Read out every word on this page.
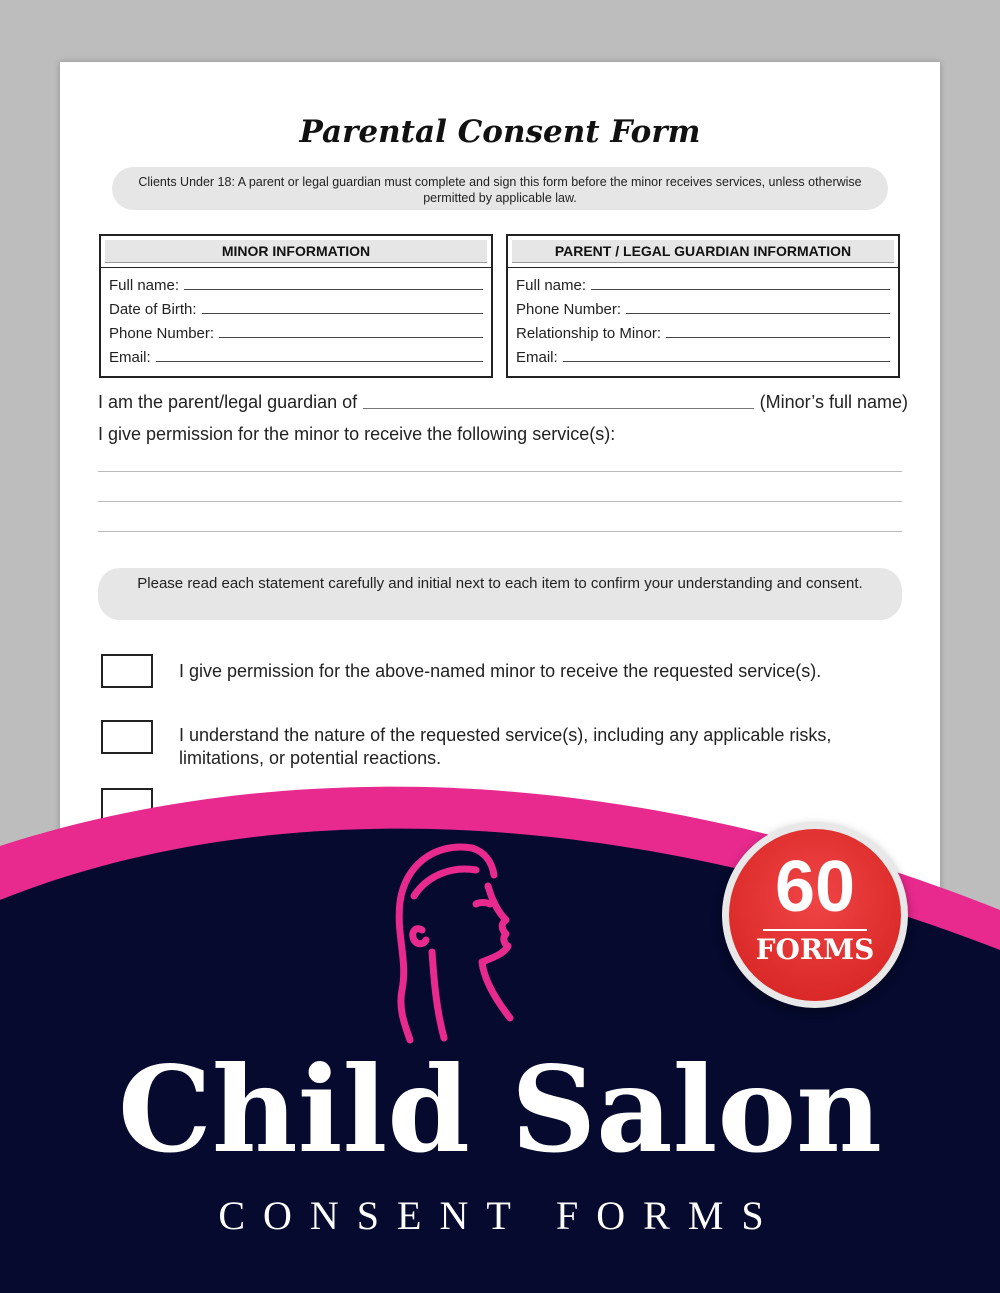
Parental Consent Form
Clients Under 18: A parent or legal guardian must complete and sign this form before the minor receives services, unless otherwise permitted by applicable law.
MINOR INFORMATION
Full name:
Date of Birth:
Phone Number:
Email:
PARENT / LEGAL GUARDIAN INFORMATION
Full name:
Phone Number:
Relationship to Minor:
Email:
I am the parent/legal guardian of	(Minor’s full name)
I give permission for the minor to receive the following service(s):
Please read each statement carefully and initial next to each item to confirm your understanding and consent.
I give permission for the above-named minor to receive the requested service(s).
I understand the nature of the requested service(s), including any applicable risks, limitations, or potential reactions.
60
FORMS
Child Salon
CONSENT FORMS
